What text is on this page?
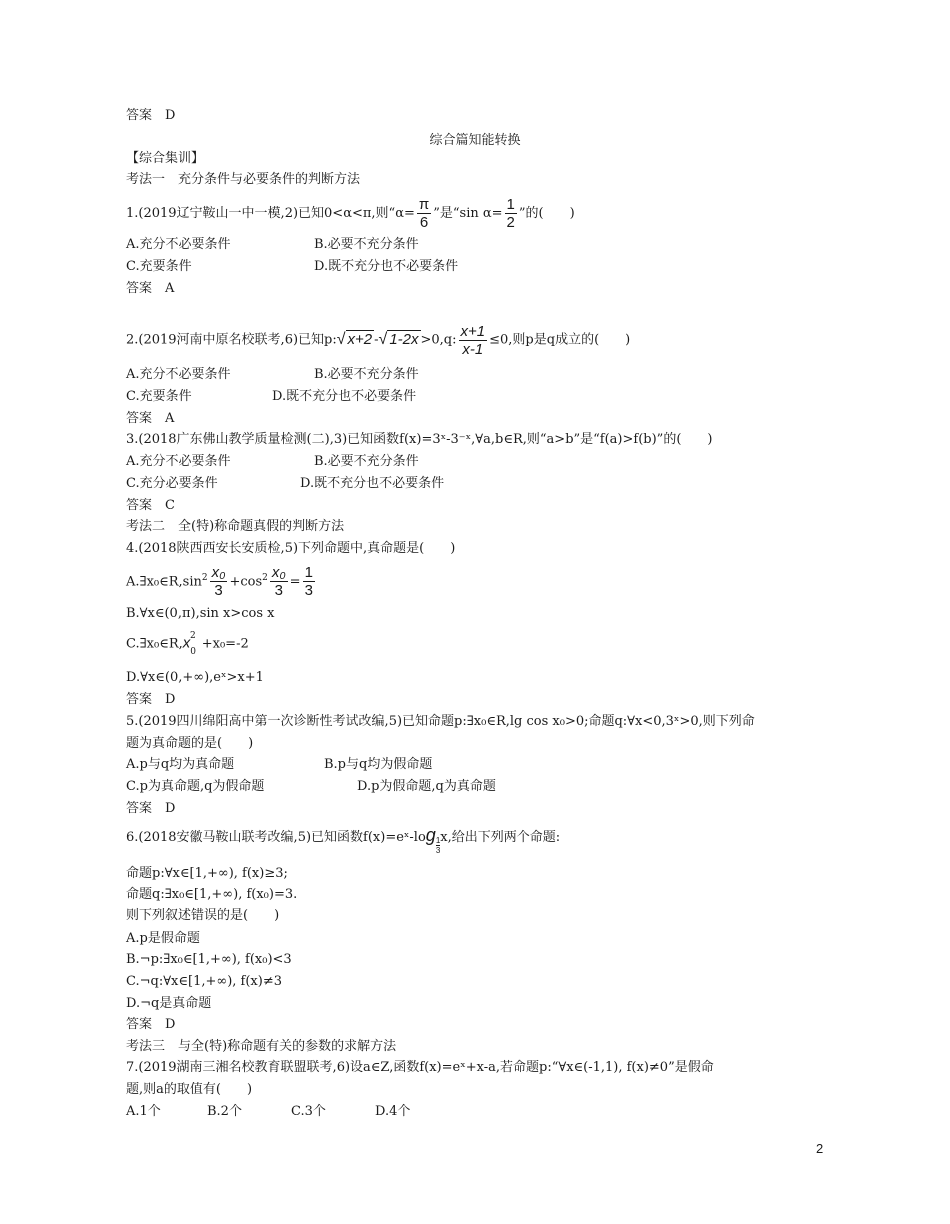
答案　D
综合篇知能转换
【综合集训】
考法一　充分条件与必要条件的判断方法
1.(2019辽宁鞍山一中一模,2)已知0<α<π,则“$\alpha= \frac{\pi}{6}$ ”是“sin $\alpha= \frac{1}{2}$ ”的(　　)
A.充分不必要条件	B.必要不充分条件
C.充要条件	D.既不充分也不必要条件
答案　A
2.(2019河南中原名校联考,6)已知p:√ x+2 -√ 1-2x >0,q: $\frac{x+1}{x-1} \le 0$,则p是q成立的(　　)
A.充分不必要条件	B.必要不充分条件
C.充要条件	D.既不充分也不必要条件
答案　A
3.(2018广东佛山教学质量检测(二),3)已知函数f(x)=3ˣ-3⁻ˣ,∀a,b∈R,则“a>b”是“f(a)>f(b)”的(　　)
A.充分不必要条件	B.必要不充分条件
C.充分必要条件	D.既不充分也不必要条件
答案　C
考法二　全(特)称命题真假的判断方法
4.(2018陕西西安长安质检,5)下列命题中,真命题是(　　)
$A.\exists x_0\in R,\sin^2 \frac{\text{x₀}}{3} +\cos^2 \frac{\text{x₀}}{3} = \frac{1}{3}$
B.∀x∈(0,π),sin x>cos x
$C.\exists x_0\in R,x_0^2+x_0=-2$
D.∀x∈(0,+∞),eˣ>x+1
答案　D
5.(2019四川绵阳高中第一次诊断性考试改编,5)已知命题p:∃x₀∈R,lg cos x₀>0;命题q:∀x<0,3ˣ>0,则下列命
题为真命题的是(　　)
A.p与q均为真命题	B.p与q均为假命题
C.p为真命题,q为假命题	D.p为假命题,q为真命题
答案　D
6.(2018安徽马鞍山联考改编,5)已知函数f(x)=eˣ-log
$\frac{1}{3} x$,给出下列两个命题:
命题p:∀x∈[1,+∞), f(x)≥3;
命题q:∃x₀∈[1,+∞), f(x₀)=3.
则下列叙述错误的是(　　)
A.p是假命题
B.¬p:∃x₀∈[1,+∞), f(x₀)<3
C.¬q:∀x∈[1,+∞), f(x)≠3
D.¬q是真命题
答案　D
考法三　与全(特)称命题有关的参数的求解方法
7.(2019湖南三湘名校教育联盟联考,6)设a∈Z,函数f(x)=eˣ+x-a,若命题p:“∀x∈(-1,1), f(x)≠0”是假命
题,则a的取值有(　　)
A.1个	B.2个	C.3个	D.4个
2
